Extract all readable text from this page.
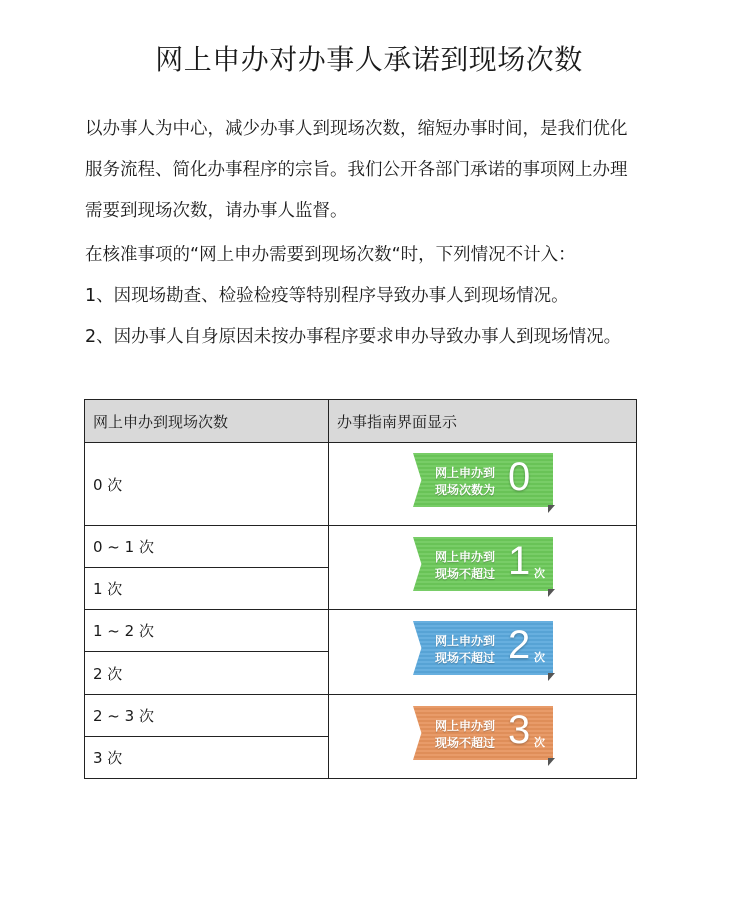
网上申办对办事人承诺到现场次数

以办事人为中心，减少办事人到现场次数，缩短办事时间，是我们优化

服务流程、简化办事程序的宗旨。我们公开各部门承诺的事项网上办理

需要到现场次数，请办事人监督。

在核准事项的“网上申办需要到现场次数“时，下列情况不计入：

1、因现场勘查、检验检疫等特别程序导致办事人到现场情况。

2、因办事人自身原因未按办事程序要求申办导致办事人到现场情况。

网上申办到现场次数	办事指南界面显示
0 次
0 ~ 1 次
1 次
1 ~ 2 次
2 次
2 ~ 3 次
3 次
网上申办到
现场次数为 0
网上申办到
现场不超过 1 次
网上申办到
现场不超过 2 次
网上申办到
现场不超过 3 次
